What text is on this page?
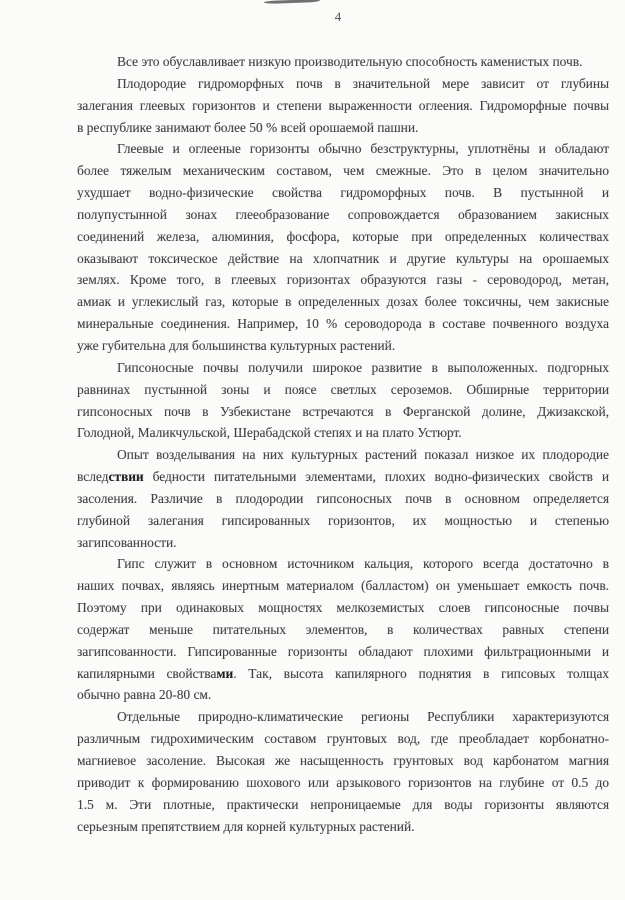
4
Все это обуславливает низкую производительную способность каменистых почв.
Плодородие гидроморфных почв в значительной мере зависит от глубины
залегания глеевых горизонтов и степени выраженности оглеения. Гидроморфные почвы
в республике занимают более 50 % всей орошаемой пашни.
Глеевые и оглееные горизонты обычно безструктурны, уплотнёны и обладают
более тяжелым механическим составом, чем смежные. Это в целом значительно
ухудшает водно-физические свойства гидроморфных почв. В пустынной и
полупустынной зонах глееобразование сопровождается образованием закисных
соединений железа, алюминия, фосфора, которые при определенных количествах
оказывают токсическое действие на хлопчатник и другие культуры на орошаемых
землях. Кроме того, в глеевых горизонтах образуются газы - сероводород, метан,
амиак и углекислый газ, которые в определенных дозах более токсичны, чем закисные
минеральные соединения. Например, 10 % сероводорода в составе почвенного воздуха
уже губительна для большинства культурных растений.
Гипсоносные почвы получили широкое развитие в выположенных. подгорных
равнинах пустынной зоны и поясе светлых сероземов. Обширные территории
гипсоносных почв в Узбекистане встречаются в Ферганской долине, Джизакской,
Голодной, Маликчульской, Шерабадской степях и на плато Устюрт.
Опыт возделывания на них культурных растений показал низкое их плодородие
вследствии бедности питательными элементами, плохих водно-физических свойств и
засоления. Различие в плодородии гипсоносных почв в основном определяется
глубиной залегания гипсированных горизонтов, их мощностью и степенью
загипсованности.
Гипс служит в основном источником кальция, которого всегда достаточно в
наших почвах, являясь инертным материалом (балластом) он уменьшает емкость почв.
Поэтому при одинаковых мощностях мелкоземистых слоев гипсоносные почвы
содержат меньше питательных элементов, в количествах равных степени
загипсованности. Гипсированные горизонты обладают плохими фильтрационными и
капилярными свойствами. Так, высота капилярного поднятия в гипсовых толщах
обычно равна 20-80 см.
Отдельные природно-климатические регионы Республики характеризуются
различным гидрохимическим составом грунтовых вод, где преобладает корбонатно-
магниевое засоление. Высокая же насыщенность грунтовых вод карбонатом магния
приводит к формированию шохового или арзыкового горизонтов на глубине от 0.5 до
1.5 м. Эти плотные, практически непроницаемые для воды горизонты являются
серьезным препятствием для корней культурных растений.
